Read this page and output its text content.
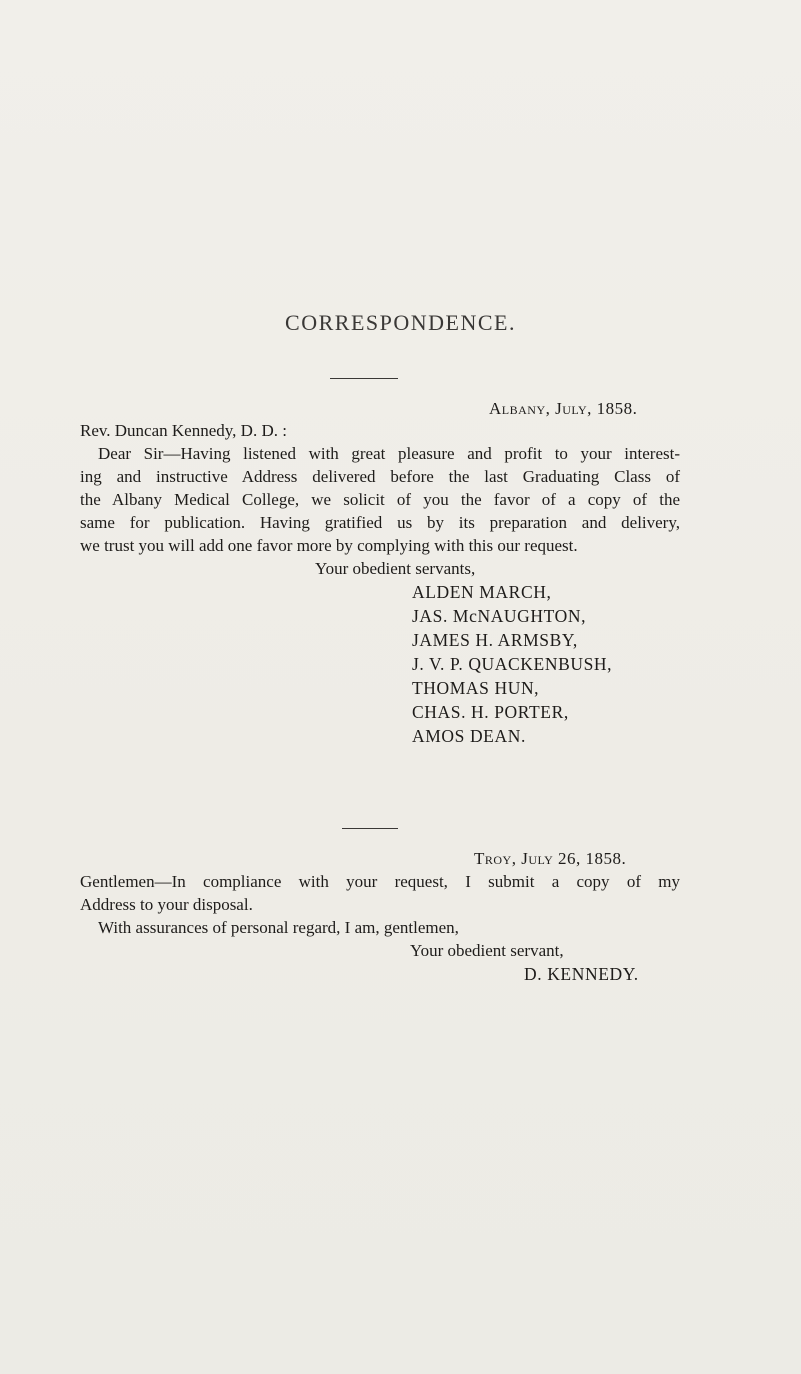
CORRESPONDENCE.
Albany, July, 1858.
Rev. Duncan Kennedy, D. D. :
Dear Sir—Having listened with great pleasure and profit to your interest-
ing and instructive Address delivered before the last Graduating Class of
the Albany Medical College, we solicit of you the favor of a copy of the
same for publication. Having gratified us by its preparation and delivery,
we trust you will add one favor more by complying with this our request.
Your obedient servants,
ALDEN MARCH,
JAS. McNAUGHTON,
JAMES H. ARMSBY,
J. V. P. QUACKENBUSH,
THOMAS HUN,
CHAS. H. PORTER,
AMOS DEAN.
Troy, July 26, 1858.
Gentlemen—In compliance with your request, I submit a copy of my
Address to your disposal.
With assurances of personal regard, I am, gentlemen,
Your obedient servant,
D. KENNEDY.
